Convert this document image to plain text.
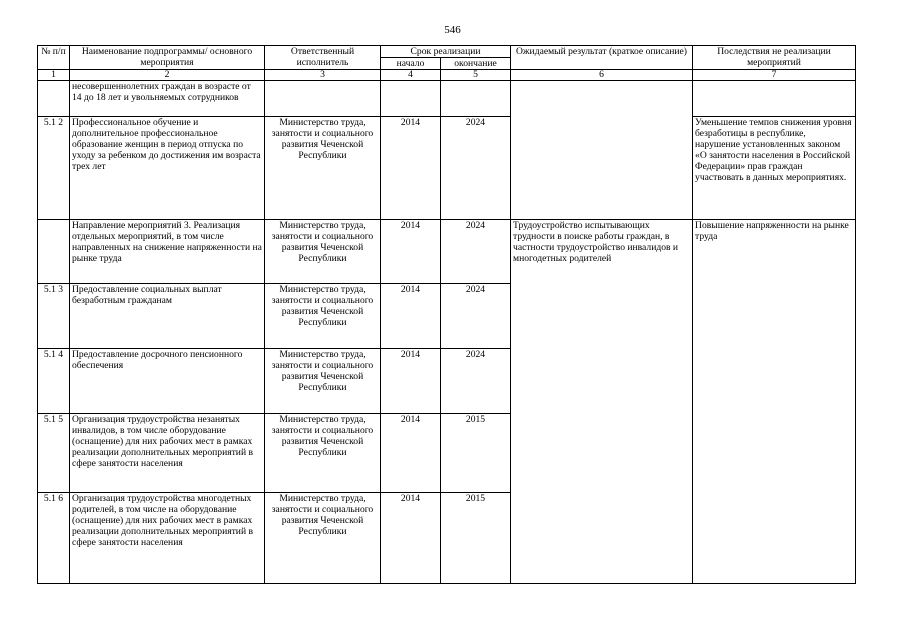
546
№ п/п	Наименование подпрограммы/ основного мероприятия	Ответственный исполнитель	Срок реализации		Ожидаемый результат (краткое описание)	Последствия не реализации мероприятий
			начало	окончание		
1	2	3	4	5	6	7
	несовершеннолетних граждан в возрасте от 14 до 18 лет и увольняемых сотрудников					
5.1 2	Профессиональное обучение и дополнительное профессиональное образование женщин в период отпуска по уходу за ребенком до достижения им возраста трех лет	Министерство труда, занятости и социального развития Чеченской Республики	2014	2024		Уменьшение темпов снижения уровня безработицы в республике, нарушение установленных законом «О занятости населения в Российской Федерации» прав граждан участвовать в данных мероприятиях.
	Направление мероприятий 3. Реализация отдельных мероприятий, в том числе направленных на снижение напряженности на рынке труда	Министерство труда, занятости и социального развития Чеченской Республики	2014	2024	Трудоустройство испытывающих трудности в поиске работы граждан, в частности трудоустройство инвалидов и многодетных родителей	Повышение напряженности на рынке труда
5.1 3	Предоставление социальных выплат безработным гражданам	Министерство труда, занятости и социального развития Чеченской Республики	2014	2024		
5.1 4	Предоставление досрочного пенсионного обеспечения	Министерство труда, занятости и социального развития Чеченской Республики	2014	2024		
5.1 5	Организация трудоустройства незанятых инвалидов, в том числе оборудование (оснащение) для них рабочих мест в рамках реализации дополнительных мероприятий в сфере занятости населения	Министерство труда, занятости и социального развития Чеченской Республики	2014	2015		
5.1 6	Организация трудоустройства многодетных родителей, в том числе на оборудование (оснащение) для них рабочих мест в рамках реализации дополнительных мероприятий в сфере занятости населения	Министерство труда, занятости и социального развития Чеченской Республики	2014	2015		
